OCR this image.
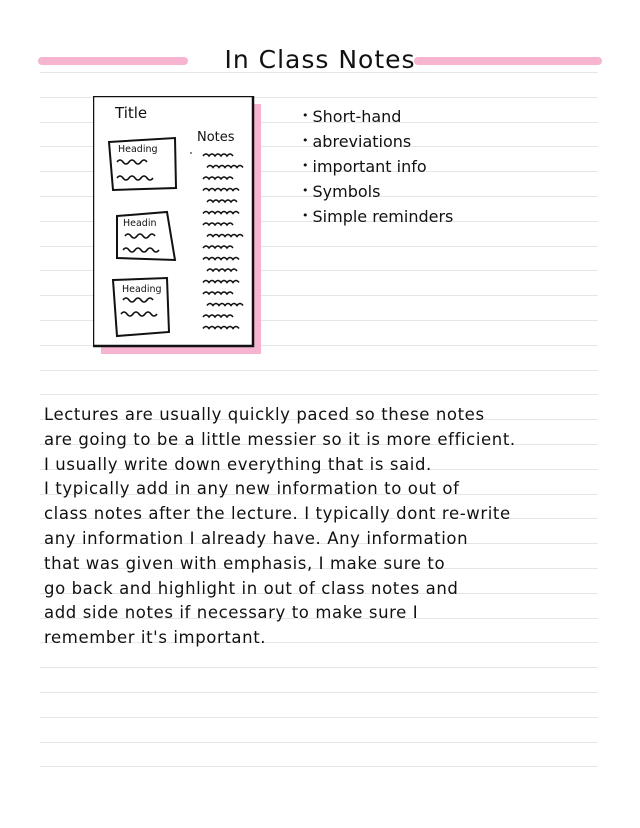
In Class Notes
Title
Notes
Heading
Headin
Heading
• Short-hand
• abreviations
• important info
• Symbols
• Simple reminders
Lectures are usually quickly paced so these notes
are going to be a little messier so it is more efficient.
I usually write down everything that is said.
I typically add in any new information to out of
class notes after the lecture. I typically dont re-write
any information I already have. Any information
that was given with emphasis, I make sure to
go back and highlight in out of class notes and
add side notes if necessary to make sure I
remember it's important.
